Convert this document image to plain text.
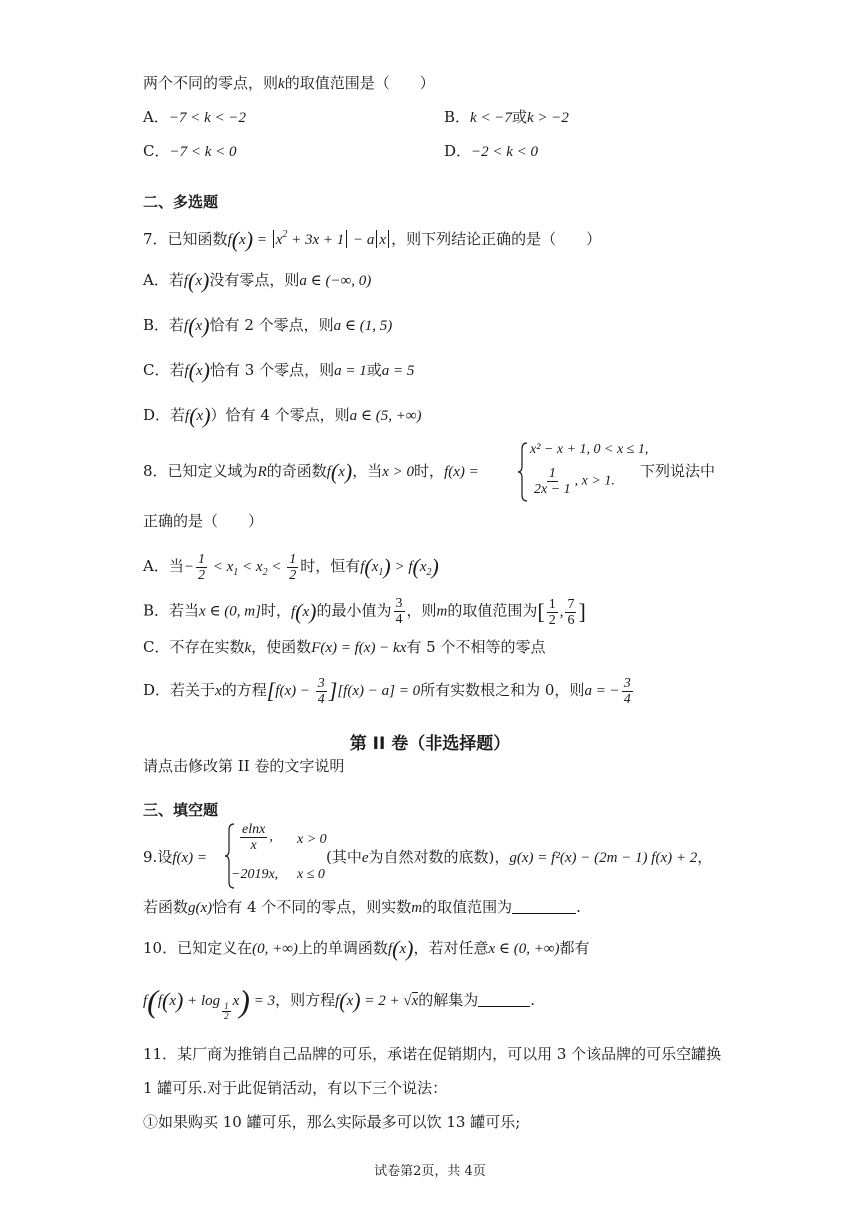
两个不同的零点，则k的取值范围是（　　）
A．−7 < k < −2	B．k < −7或k > −2
C．−7 < k < 0	D．−2 < k < 0
二、多选题
7．已知函数$f(x) = x^2 + 3x + 1 - a$ x ，则下列结论正确的是（　　）
A．若f(x)没有零点，则a ∈ (−∞, 0)
B．若f(x)恰有 2 个零点，则a ∈ (1, 5)
C．若f(x)恰有 3 个零点，则a = 1或a = 5
D．若f(x)）恰有 4 个零点，则a ∈ (5, +∞)
8．已知定义域为R的奇函数f(x)，当x > 0时，f(x) =
x² − x + 1, 0 < x ≤ 1,
$\frac{1}{2x - 1}$ , x > 1.
下列说法中
正确的是（　　）
A．当− $\frac{1}{2} < x_1 < x_2 < \frac{1}{2}$ 时，恒有$f(x_1) > f(x_2)$
B．若当x ∈ (0, m]时，f(x)的最小值为 $\frac{3}{4}$ ，则m的取值范围为[ $\frac{1}{2}$ , $\frac{7}{6}$ ]
C．不存在实数k，使函数F(x) = f(x) − kx有 5 个不相等的零点
D．若关于x的方程$[f(x) - \frac{3}{4} ][f(x) - a] = 0$所有实数根之和为 0，则a = − $\frac{3}{4}$
第 II 卷（非选择题）
请点击修改第 II 卷的文字说明
三、填空题
9.设f(x) =
$\frac{elnx}{x}$ , x > 0
−2019x, x ≤ 0
(其中e为自然对数的底数)，g(x) = f²(x) − (2m − 1) f(x) + 2，
若函数g(x)恰有 4 个不同的零点，则实数m的取值范围为	.
10．已知定义在(0, +∞)上的单调函数f(x)，若对任意x ∈ (0, +∞)都有
f(f(x) + log
$_{\frac{1}{2}}$
x) = 3，则方程f(x) = 2 + √x的解集为	.
11．某厂商为推销自己品牌的可乐，承诺在促销期内，可以用 3 个该品牌的可乐空罐换
1 罐可乐.对于此促销活动，有以下三个说法：
①如果购买 10 罐可乐，那么实际最多可以饮 13 罐可乐;
试卷第2页，共 4页
